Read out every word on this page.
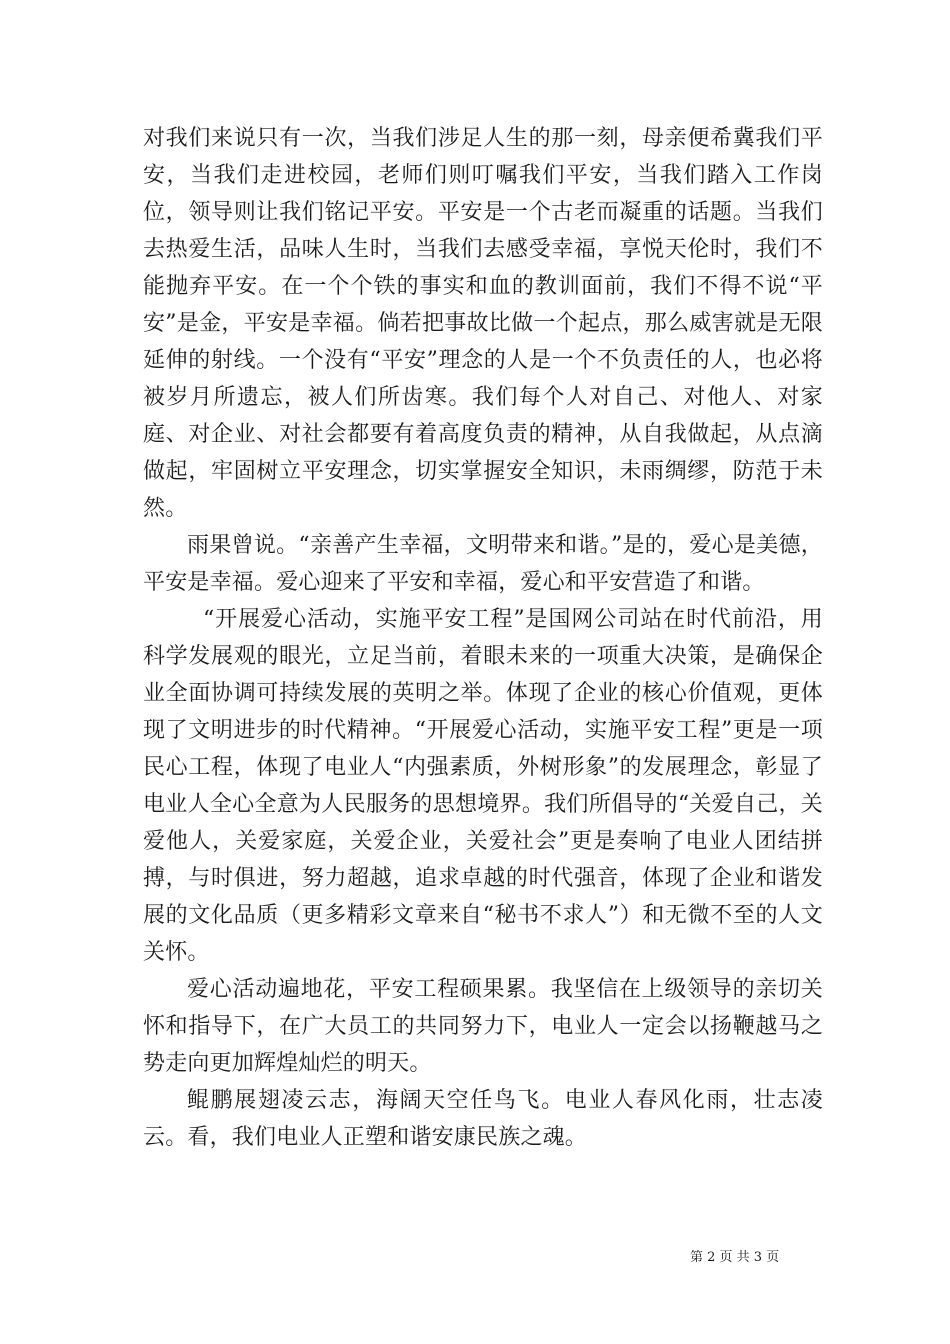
对我们来说只有一次，当我们涉足人生的那一刻，母亲便希冀我们平安，当我们走进校园，老师们则叮嘱我们平安，当我们踏入工作岗位，领导则让我们铭记平安。平安是一个古老而凝重的话题。当我们去热爱生活，品味人生时，当我们去感受幸福，享悦天伦时，我们不能抛弃平安。在一个个铁的事实和血的教训面前，我们不得不说“平安”是金，平安是幸福。倘若把事故比做一个起点，那么威害就是无限延伸的射线。一个没有“平安”理念的人是一个不负责任的人，也必将被岁月所遗忘，被人们所齿寒。我们每个人对自己、对他人、对家庭、对企业、对社会都要有着高度负责的精神，从自我做起，从点滴做起，牢固树立平安理念，切实掌握安全知识，未雨绸缪，防范于未然。

雨果曾说。“亲善产生幸福，文明带来和谐。”是的，爱心是美德，平安是幸福。爱心迎来了平安和幸福，爱心和平安营造了和谐。

“开展爱心活动，实施平安工程”是国网公司站在时代前沿，用科学发展观的眼光，立足当前，着眼未来的一项重大决策，是确保企业全面协调可持续发展的英明之举。体现了企业的核心价值观，更体现了文明进步的时代精神。“开展爱心活动，实施平安工程”更是一项民心工程，体现了电业人“内强素质，外树形象”的发展理念，彰显了电业人全心全意为人民服务的思想境界。我们所倡导的“关爱自己，关爱他人，关爱家庭，关爱企业，关爱社会”更是奏响了电业人团结拼搏，与时俱进，努力超越，追求卓越的时代强音，体现了企业和谐发展的文化品质（更多精彩文章来自“秘书不求人”）和无微不至的人文关怀。

爱心活动遍地花，平安工程硕果累。我坚信在上级领导的亲切关怀和指导下，在广大员工的共同努力下，电业人一定会以扬鞭越马之势走向更加辉煌灿烂的明天。

鲲鹏展翅凌云志，海阔天空任鸟飞。电业人春风化雨，壮志凌云。看，我们电业人正塑和谐安康民族之魂。

第 2 页 共 3 页
